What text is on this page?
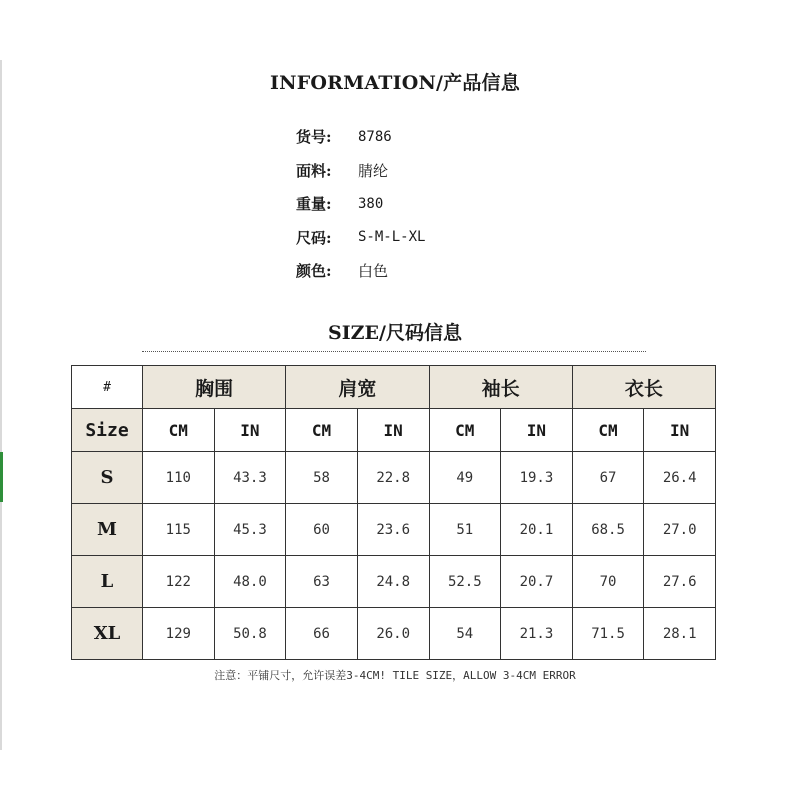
INFORMATION/产品信息
货号:	8786
面料:	腈纶
重量:	380
尺码:	S-M-L-XL
颜色:	白色
SIZE/尺码信息
#	胸围		肩宽		袖长		衣长	
Size	CM	IN	CM	IN	CM	IN	CM	IN
S	110	43.3	58	22.8	49	19.3	67	26.4
M	115	45.3	60	23.6	51	20.1	68.5	27.0
L	122	48.0	63	24.8	52.5	20.7	70	27.6
XL	129	50.8	66	26.0	54	21.3	71.5	28.1
注意：平铺尺寸，允许误差3-4CM! TILE SIZE，ALLOW 3-4CM ERROR
